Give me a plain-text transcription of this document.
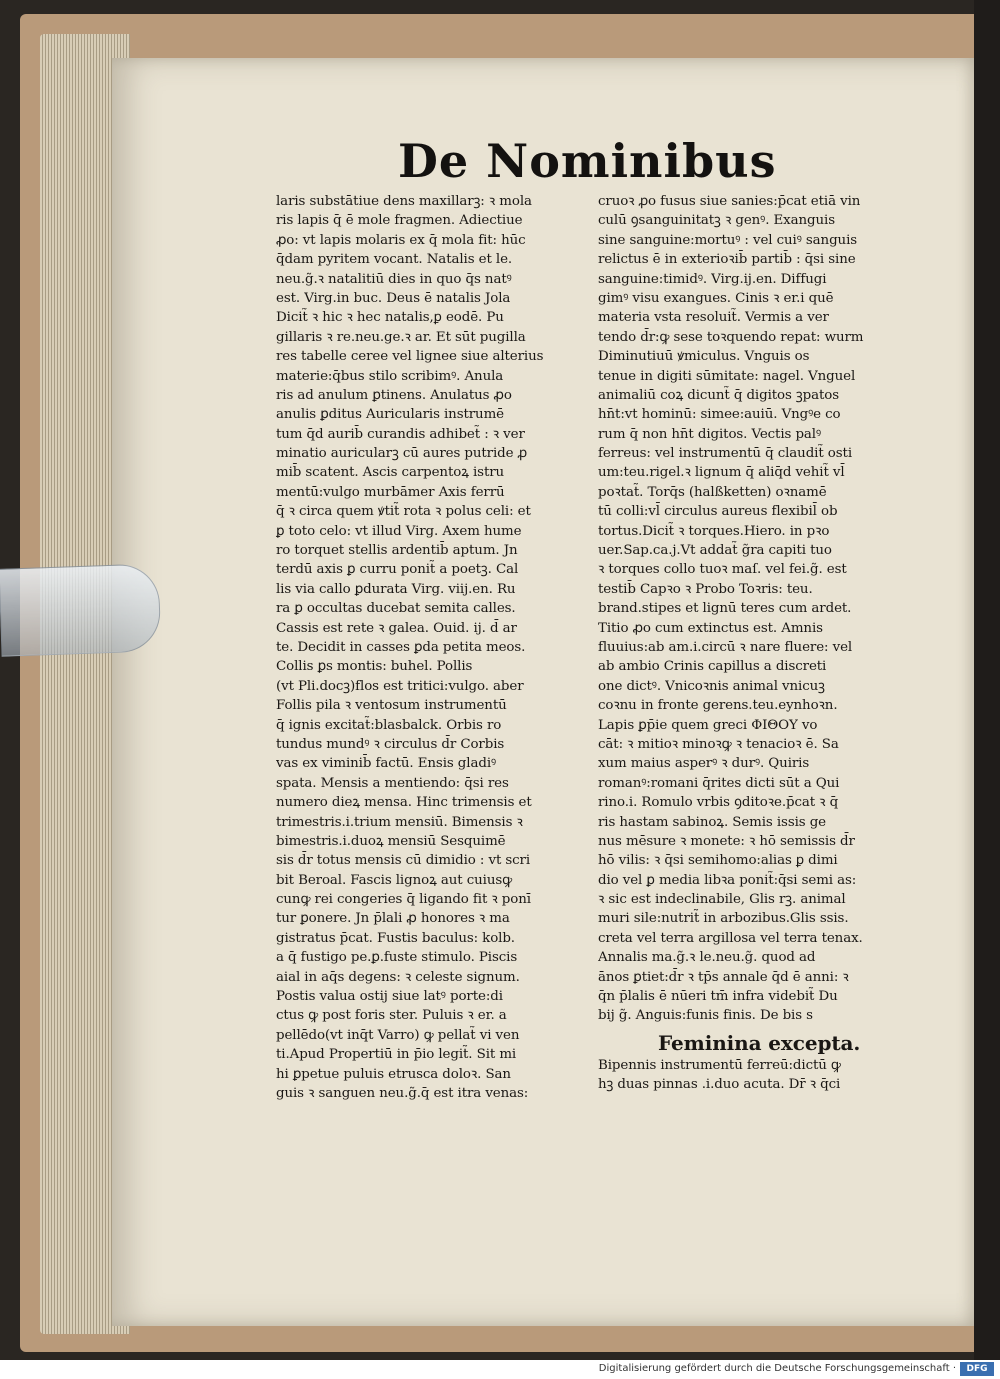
De Nominibus
laris substātiue dens maxillarꝫ: ꝛ mola
ris lapis q̄ ē mole fragmen. Adiectiue
ꝓo: vt lapis molaris ex q̄ mola fit: hūc
q̄dam pyritem vocant. Natalis et le.
neu.g̃.ꝛ natalitiū dies in quo q̄s natꝰ
est. Virg.in buc. Deus ē natalis Jola
Dicit̃ ꝛ hic ꝛ hec natalis,ꝑ eodē. Pu
gillaris ꝛ re.neu.ge.ꝛ ar. Et sūt pugilla
res tabelle ceree vel lignee siue alterius
materie:q̄bus stilo scribimꝰ. Anula
ris ad anulum ꝑtinens. Anulatus ꝓo
anulis ꝑditus Auricularis instrumē
tum q̄d aurib̄ curandis adhibet̃ : ꝛ ver
minatio auricularꝫ cū aures putride ꝓ
mib̄ scatent. Ascis carpentoꝝ istru
mentū:vulgo murbāmer Axis ferrū
q̄ ꝛ circa quem ꝟtit̃ rota ꝛ polus celi: et
ꝑ toto celo: vt illud Virg. Axem hume
ro torquet stellis ardentib̄ aptum. Jn
terdū axis ꝑ curru ponit̃ a poetꝫ. Cal
lis via callo ꝑdurata Virg. viij.en. Ru
ra ꝑ occultas ducebat semita calles.
Cassis est rete ꝛ galea. Ouid. ij. d̄ ar
te. Decidit in casses ꝑda petita meos.
Collis ꝑs montis: buhel. Pollis
(vt Pli.docꝫ)flos est tritici:vulgo. aber
Follis pila ꝛ ventosum instrumentū
q̄ ignis excitat̃:blasbalck. Orbis ro
tundus mundꝰ ꝛ circulus d̄r Corbis
vas ex viminib̄ factū. Ensis gladiꝰ
spata. Mensis a mentiendo: q̄si res
numero dieꝝ mensa. Hinc trimensis et
trimestris.i.trium mensiū. Bimensis ꝛ
bimestris.i.duoꝝ mensiū Sesquimē
sis d̄r totus mensis cū dimidio : vt scri
bit Beroal. Fascis lignoꝝ aut cuiusꝙ
cunꝙ rei congeries q̄ ligando fit ꝛ ponī
tur ꝑonere. Jn p̄lali ꝓ honores ꝛ ma
gistratus p̄cat. Fustis baculus: kolb.
a q̄ fustigo pe.ꝑ.fuste stimulo. Piscis
aial in aq̄s degens: ꝛ celeste signum.
Postis valua ostij siue latꝰ porte:di
ctus ꝙ post foris ster. Puluis ꝛ er. a
pellēdo(vt inq̄t Varro) ꝙ pellat̃ vi ven
ti.Apud Propertiū in p̄io legit̃. Sit mi
hi ꝑpetue puluis etrusca doloꝛ. San
guis ꝛ sanguen neu.g̃.q̄ est itra venas:
cruoꝛ ꝓo fusus siue sanies:p̄cat etiā vin
culū ꝯsanguinitatꝫ ꝛ genꝰ. Exanguis
sine sanguine:mortuꝰ : vel cuiꝰ sanguis
relictus ē in exterioꝛib̄ partib̄ : q̄si sine
sanguine:timidꝰ. Virg.ij.en. Diffugi
gimꝰ visu exangues. Cinis ꝛ er.i quē
materia vsta resoluit̃. Vermis a ver
tendo d̄r:ꝙ sese toꝛquendo repat: wurm
Diminutiuū ꝟmiculus. Vnguis os
tenue in digiti sūmitate: nagel. Vnguel
animaliū coꝝ dicunt̃ q̄ digitos ꝫpatos
hn̄t:vt hominū: simee:auiū. Vngꝰe co
rum q̄ non hn̄t digitos. Vectis palꝰ
ferreus: vel instrumentū q̄ claudit̃ osti
um:teu.rigel.ꝛ lignum q̄ aliq̄d vehit̃ vl̄
poꝛtat̃. Torq̄s (halßketten) oꝛnamē
tū colli:vl̄ circulus aureus flexibil̄ ob
tortus.Dicit̃ ꝛ torques.Hiero. in pꝛo
uer.Sap.ca.j.Vt addat̃ g̃ra capiti tuo
ꝛ torques collo tuoꝛ maſ. vel fei.g̃. est
testib̄ Capꝛo ꝛ Probo Toꝛris: teu.
brand.stipes et lignū teres cum ardet.
Titio ꝓo cum extinctus est. Amnis
fluuius:ab am.i.circū ꝛ nare fluere: vel
ab ambio Crinis capillus a discreti
one dictꝰ. Vnicoꝛnis animal vnicuꝫ
coꝛnu in fronte gerens.teu.eynhoꝛn.
Lapis ꝑp̄ie quem greci ΦΙΘΟΥ vo
cāt: ꝛ mitioꝛ minoꝛꝙ ꝛ tenacioꝛ ē. Sa
xum maius asperꝰ ꝛ durꝰ. Quiris
romanꝰ:romani q̄rites dicti sūt a Qui
rino.i. Romulo vrbis ꝯditoꝛe.p̄cat ꝛ q̄
ris hastam sabinoꝝ. Semis issis ge
nus mēsure ꝛ monete: ꝛ hō semissis d̄r
hō vilis: ꝛ q̄si semihomo:alias ꝑ dimi
dio vel ꝑ media libꝛa ponit̃:q̄si semi as:
ꝛ sic est indeclinabile, Glis rꝫ. animal
muri sile:nutrit̃ in arbozibus.Glis ssis.
creta vel terra argillosa vel terra tenax.
Annalis ma.g̃.ꝛ le.neu.g̃. quod ad
ānos ꝑtiet:d̄r ꝛ tp̄s annale q̄d ē anni: ꝛ
q̄n p̄lalis ē nūeri tm̄ infra videbit̃ Du
bij g̃. Anguis:funis finis. De bis s
Feminina excepta.
Bipennis instrumentū ferreū:dictū ꝙ
hꝫ duas pinnas .i.duo acuta. Dr̄ ꝛ q̄ci
Digitalisierung gefördert durch die Deutsche Forschungsgemeinschaft ·	DFG
